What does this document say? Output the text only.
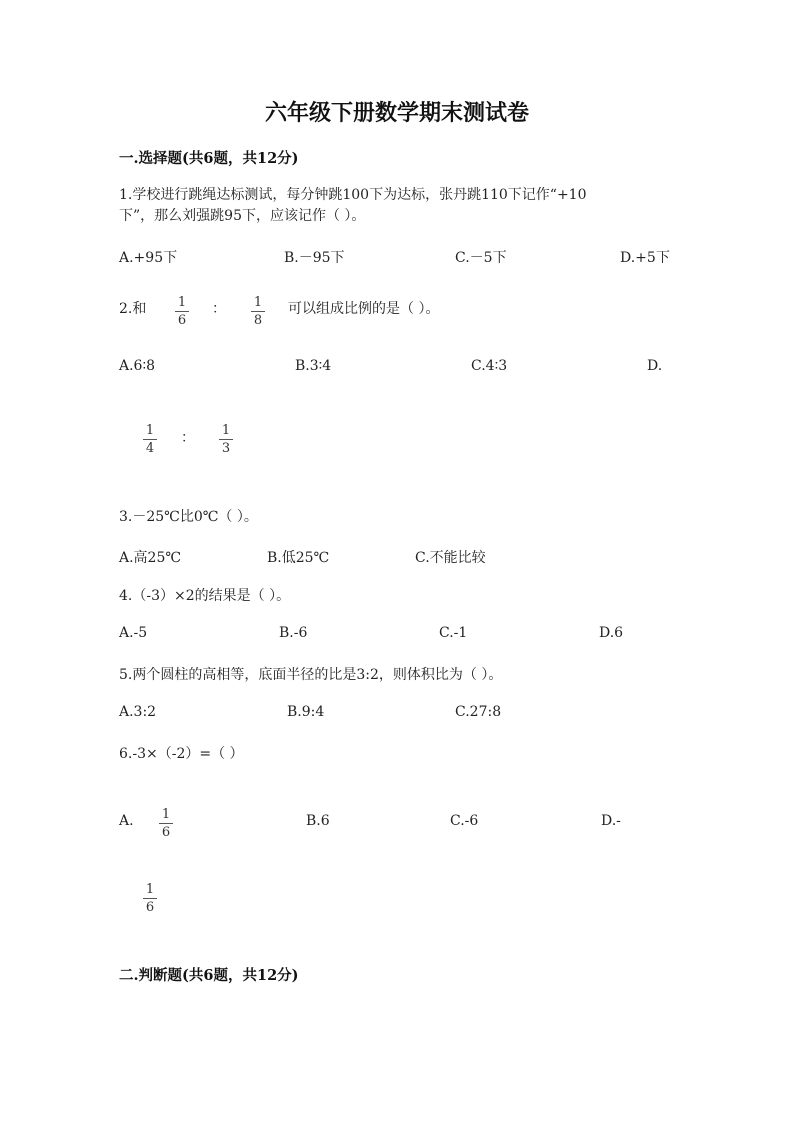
六年级下册数学期末测试卷
一.选择题(共6题，共12分)
1.学校进行跳绳达标测试，每分钟跳100下为达标，张丹跳110下记作“+10
下”，那么刘强跳95下，应该记作（ ）。
A.+95下	B.－95下	C.－5下	D.+5下
2.和 1
6
： 1
8
可以组成比例的是（ ）。
A.6∶8	B.3∶4	C.4∶3	D.
1
4
： 1
3
3.－25℃比0℃（ ）。
A.高25℃	B.低25℃	C.不能比较
4.（-3）×2的结果是（ ）。
A.-5	B.-6	C.-1	D.6
5.两个圆柱的高相等，底面半径的比是3:2，则体积比为（ ）。
A.3:2	B.9:4	C.27:8
6.-3×（-2）=（ ）
A. 1
6
B.6	C.-6	D.-
1
6
二.判断题(共6题，共12分)
